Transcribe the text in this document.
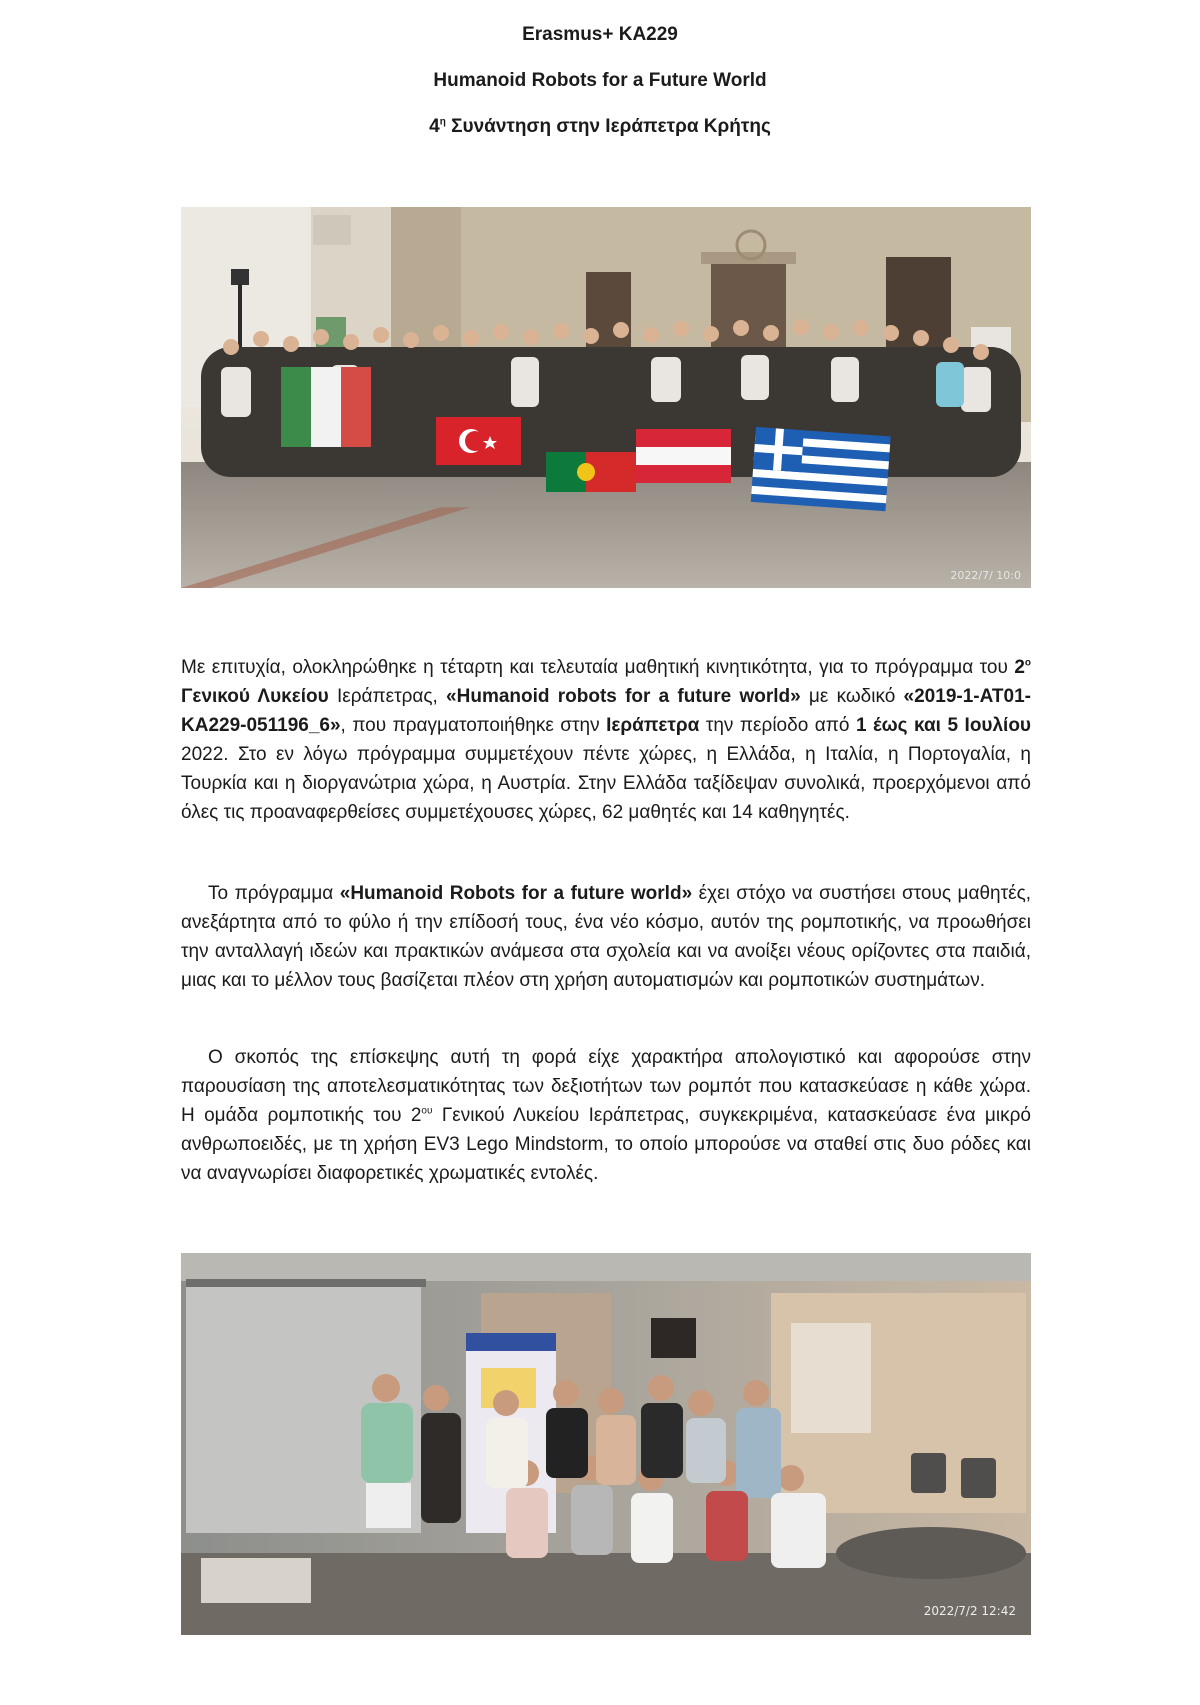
Erasmus+ KA229
Humanoid Robots for a Future World
$4^\eta$ Συνάντηση στην Ιεράπετρα Κρήτης
2022/7/ 10:0

Με επιτυχία, ολοκληρώθηκε η τέταρτη και τελευταία μαθητική κινητικότητα, για το πρόγραμμα του $2^o$ Γενικού Λυκείου Ιεράπετρας, «Humanoid robots for a future world» με κωδικό «2019-1-AT01-KA229-051196_6», που πραγματοποιήθηκε στην Ιεράπετρα την περίοδο από 1 έως και 5 Ιουλίου 2022. Στο εν λόγω πρόγραμμα συμμετέχουν πέντε χώρες, η Ελλάδα, η Ιταλία, η Πορτογαλία, η Τουρκία και η διοργανώτρια χώρα, η Αυστρία. Στην Ελλάδα ταξίδεψαν συνολικά, προερχόμενοι από όλες τις προαναφερθείσες συμμετέχουσες χώρες, 62 μαθητές και 14 καθηγητές.

Το πρόγραμμα «Humanoid Robots for a future world» έχει στόχο να συστήσει στους μαθητές, ανεξάρτητα από το φύλο ή την επίδοσή τους, ένα νέο κόσμο, αυτόν της ρομποτικής, να προωθήσει την ανταλλαγή ιδεών και πρακτικών ανάμεσα στα σχολεία και να ανοίξει νέους ορίζοντες στα παιδιά, μιας και το μέλλον τους βασίζεται πλέον στη χρήση αυτοματισμών και ρομποτικών συστημάτων.

Ο σκοπός της επίσκεψης αυτή τη φορά είχε χαρακτήρα απολογιστικό και αφορούσε στην παρουσίαση της αποτελεσματικότητας των δεξιοτήτων των ρομπότ που κατασκεύασε η κάθε χώρα. Η ομάδα ρομποτικής του $2^{o\upsilon}$ Γενικού Λυκείου Ιεράπετρας, συγκεκριμένα, κατασκεύασε ένα μικρό ανθρωποειδές, με τη χρήση EV3 Lego Mindstorm, το οποίο μπορούσε να σταθεί στις δυο ρόδες και να αναγνωρίσει διαφορετικές χρωματικές εντολές.

2022/7/2 12:42
